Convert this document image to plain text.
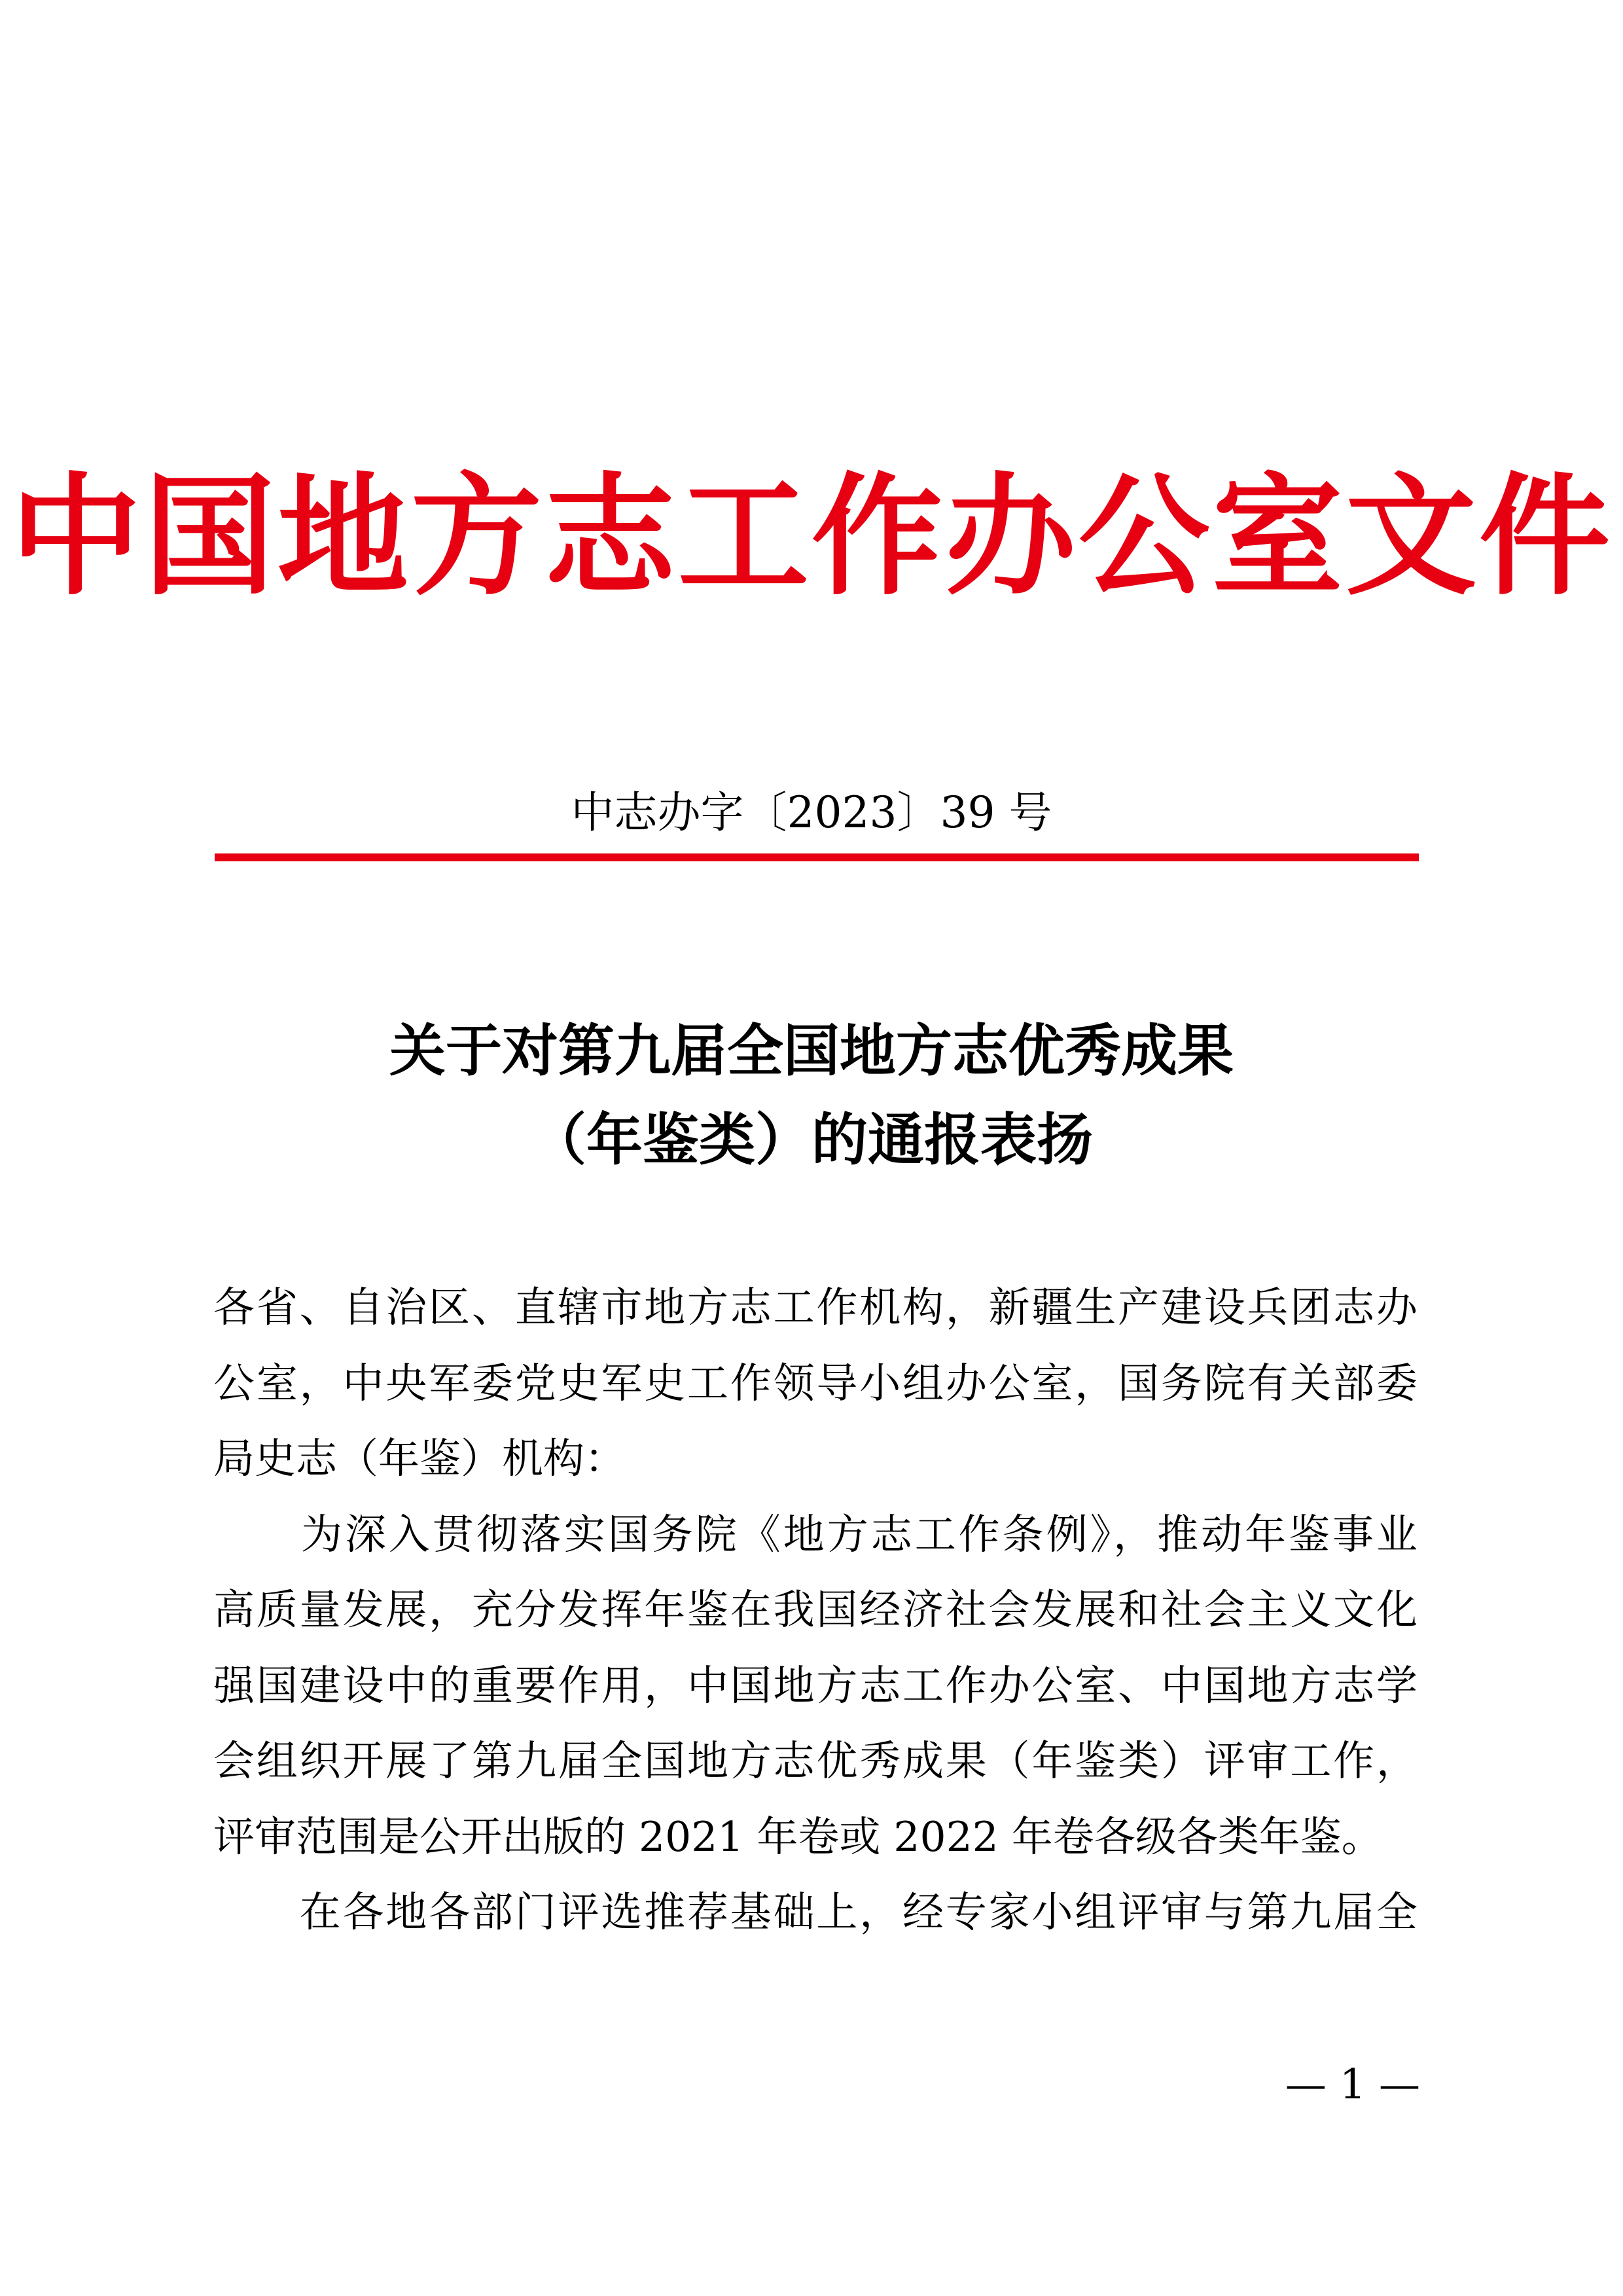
中国地方志工作办公室文件
中志办字〔2023〕39 号
关于对第九届全国地方志优秀成果
（年鉴类）的通报表扬
各省、自治区、直辖市地方志工作机构，新疆生产建设兵团志办
公室，中央军委党史军史工作领导小组办公室，国务院有关部委
局史志（年鉴）机构：
　　为深入贯彻落实国务院《地方志工作条例》，推动年鉴事业
高质量发展，充分发挥年鉴在我国经济社会发展和社会主义文化
强国建设中的重要作用，中国地方志工作办公室、中国地方志学
会组织开展了第九届全国地方志优秀成果（年鉴类）评审工作，
评审范围是公开出版的 2021 年卷或 2022 年卷各级各类年鉴。
　　在各地各部门评选推荐基础上，经专家小组评审与第九届全
— 1 —
